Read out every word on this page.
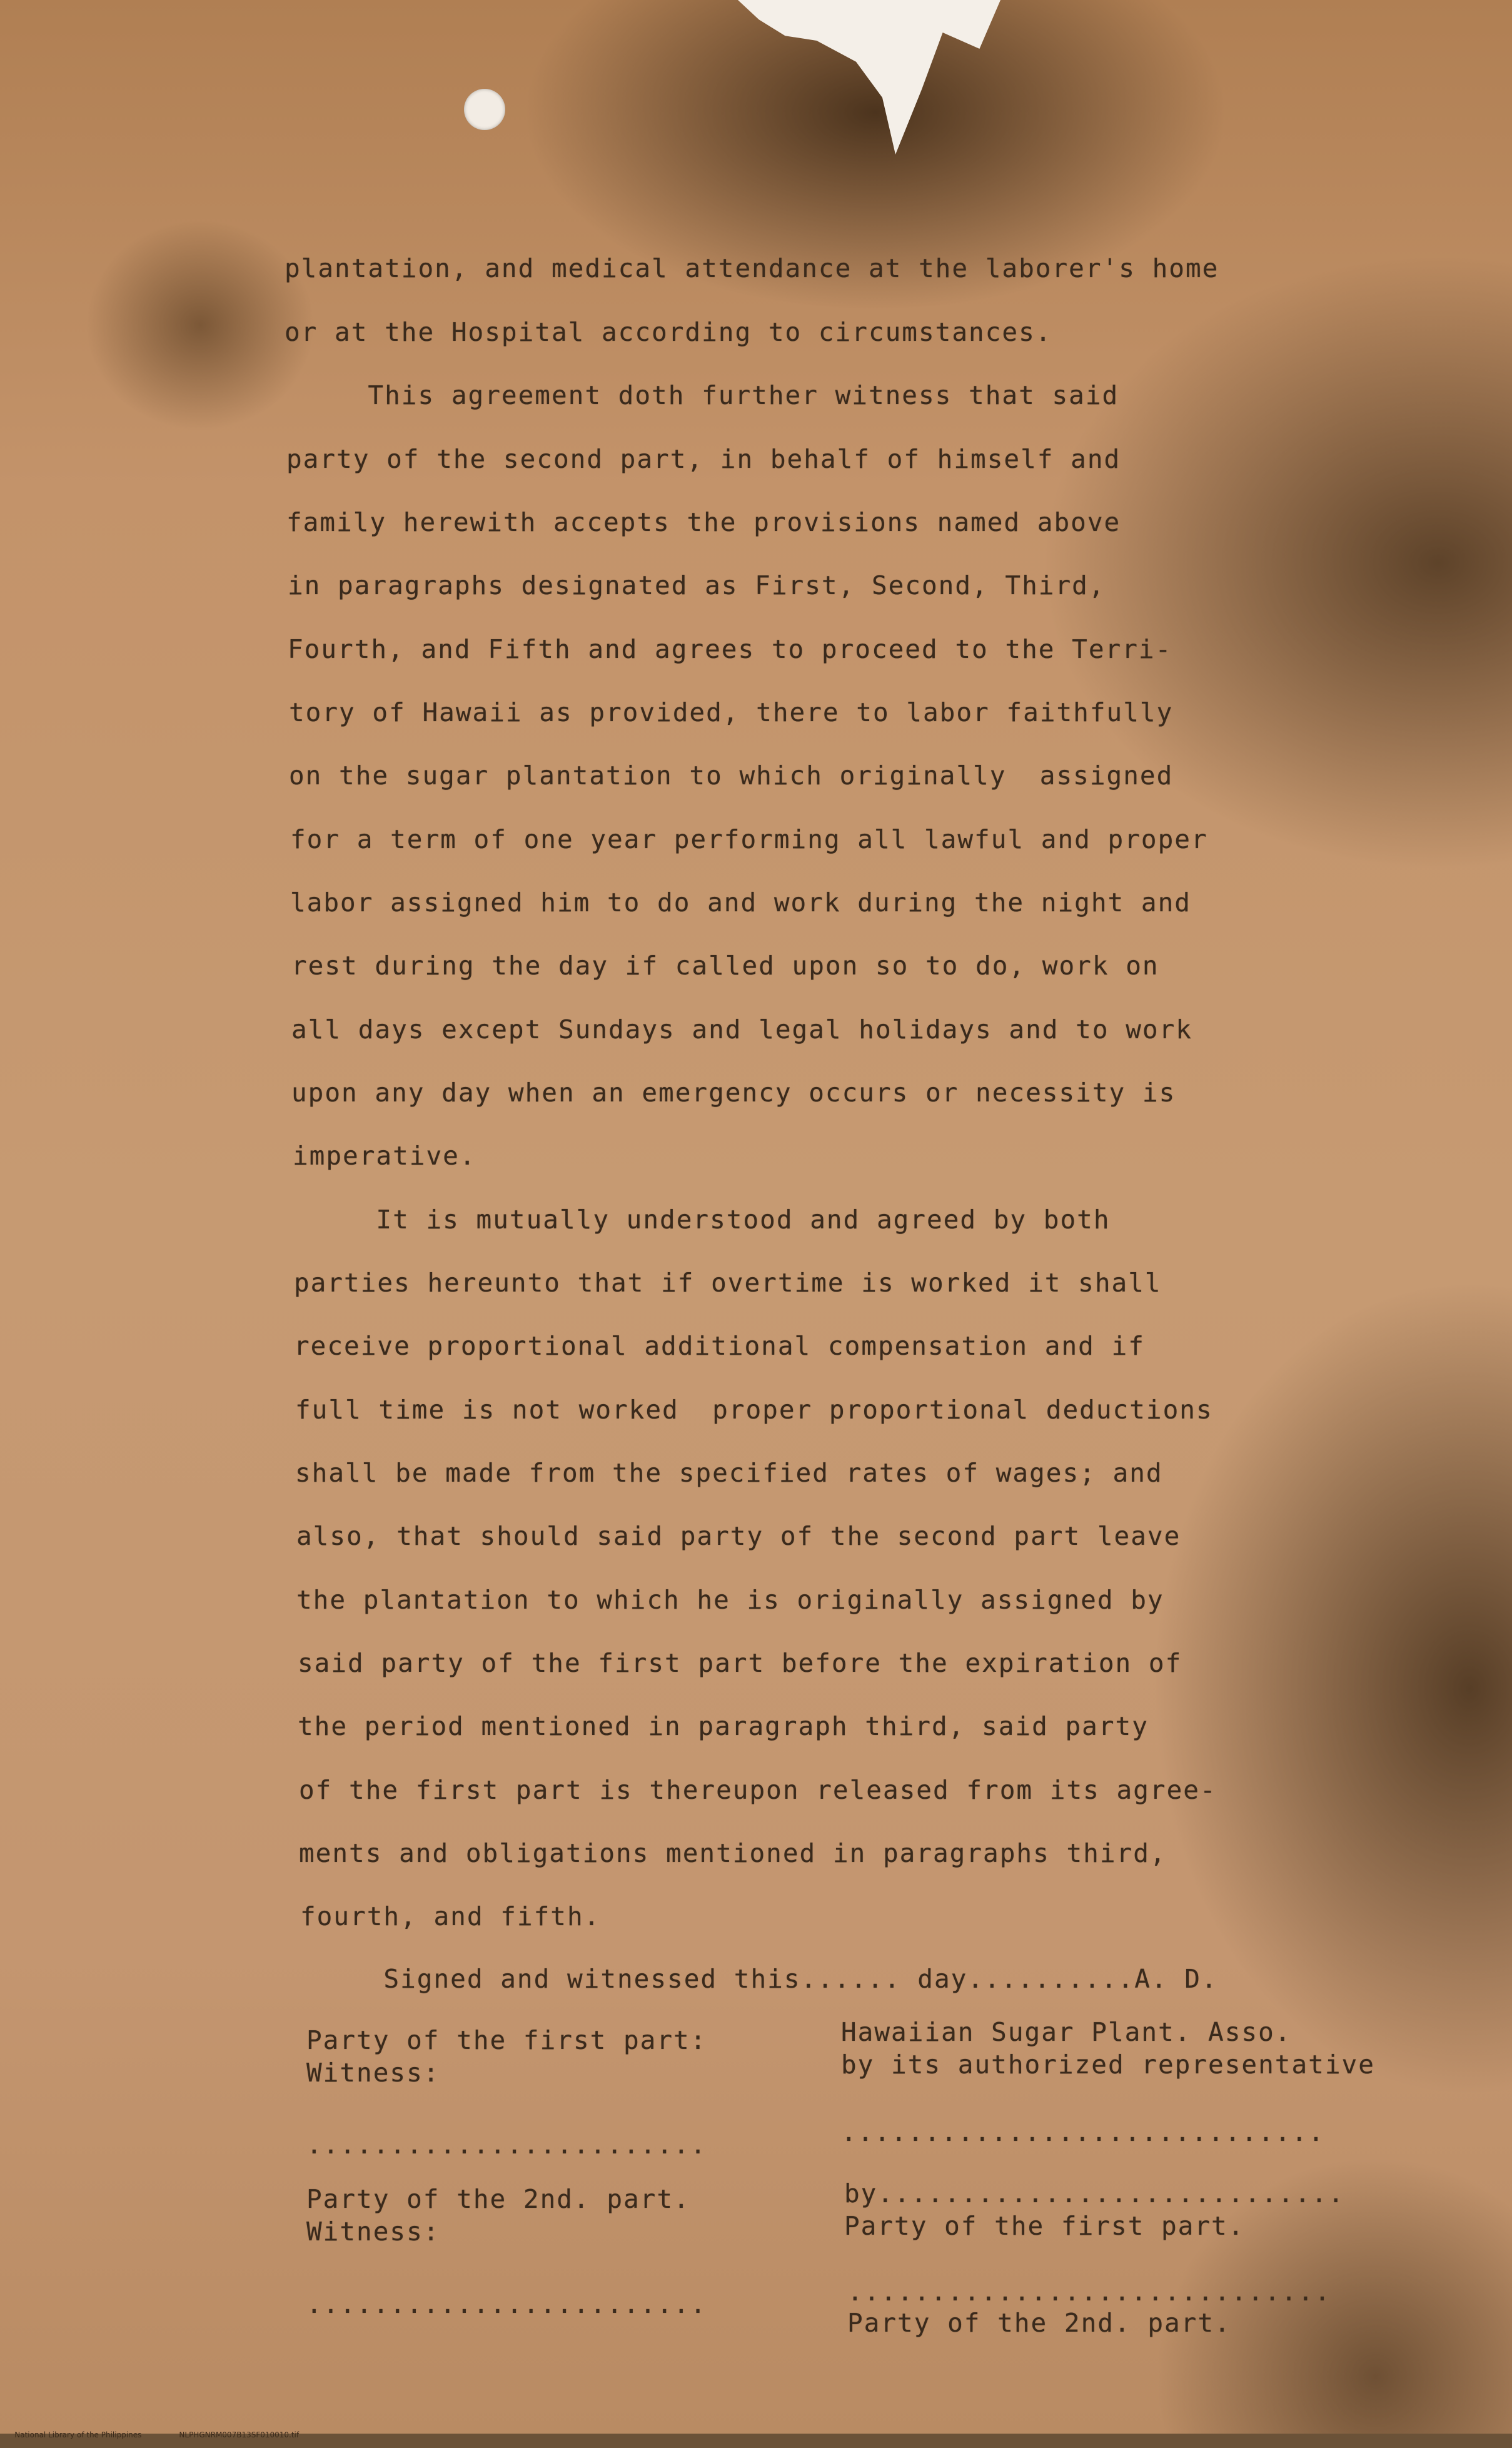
plantation, and medical attendance at the laborer's home

or at the Hospital according to circumstances.

This agreement doth further witness that said

party of the second part, in behalf of himself and

family herewith accepts the provisions named above

in paragraphs designated as First, Second, Third,

Fourth, and Fifth and agrees to proceed to the Terri-

tory of Hawaii as provided, there to labor faithfully

on the sugar plantation to which originally  assigned

for a term of one year performing all lawful and proper

labor assigned him to do and work during the night and

rest during the day if called upon so to do, work on

all days except Sundays and legal holidays and to work

upon any day when an emergency occurs or necessity is

imperative.

It is mutually understood and agreed by both

parties hereunto that if overtime is worked it shall

receive proportional additional compensation and if

full time is not worked  proper proportional deductions

shall be made from the specified rates of wages; and

also, that should said party of the second part leave

the plantation to which he is originally assigned by

said party of the first part before the expiration of

the period mentioned in paragraph third, said party

of the first part is thereupon released from its agree-

ments and obligations mentioned in paragraphs third,

fourth, and fifth.

Signed and witnessed this...... day..........A. D.

Party of the first part:

Witness:

........................

Party of the 2nd. part.

Witness:

........................

Hawaiian Sugar Plant. Asso.

by its authorized representative

.............................

by............................

Party of the first part.

.............................

Party of the 2nd. part.

National Library of the Philippines	NLPHGNRM007B13SF010010.tif
